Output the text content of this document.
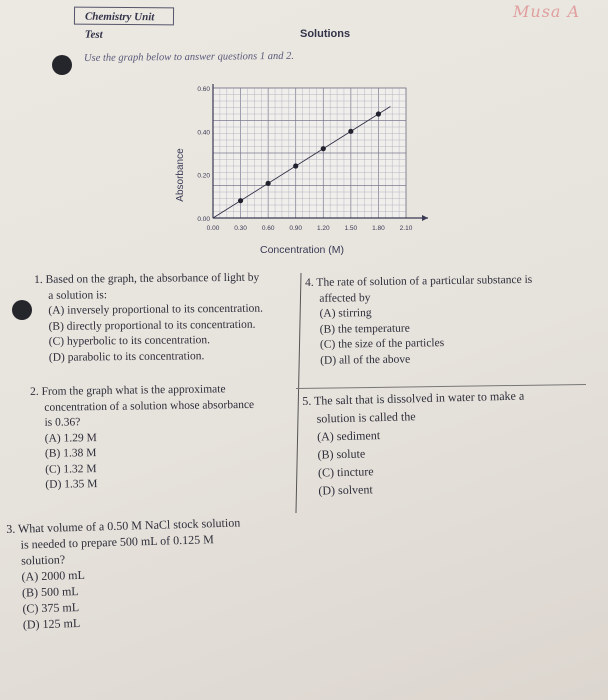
Chemistry Unit Test
Musa A
Solutions
Use the graph below to answer questions 1 and 2.
0.00 0.30 0.60 0.90 1.20 1.50 1.80 2.10
0.00
0.20
0.40
0.60
Concentration (M)
Absorbance
1. Based on the graph, the absorbance of light by
a solution is:
(A) inversely proportional to its concentration.
(B) directly proportional to its concentration.
(C) hyperbolic to its concentration.
(D) parabolic to its concentration.
2. From the graph what is the approximate
concentration of a solution whose absorbance
is 0.36?
(A) 1.29 M
(B) 1.38 M
(C) 1.32 M
(D) 1.35 M
3. What volume of a 0.50 M NaCl stock solution
is needed to prepare 500 mL of 0.125 M
solution?
(A) 2000 mL
(B) 500 mL
(C) 375 mL
(D) 125 mL
4. The rate of solution of a particular substance is
affected by
(A) stirring
(B) the temperature
(C) the size of the particles
(D) all of the above
5. The salt that is dissolved in water to make a
solution is called the
(A) sediment
(B) solute
(C) tincture
(D) solvent
